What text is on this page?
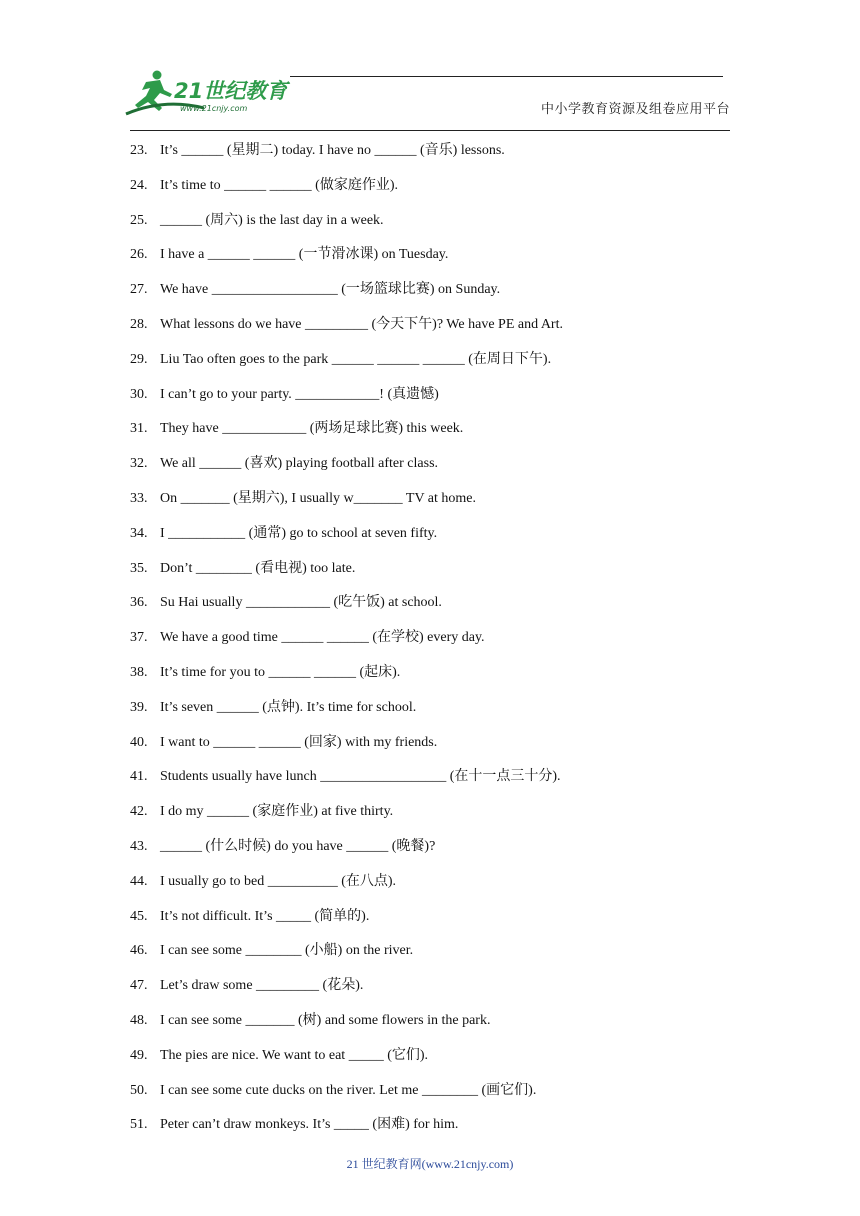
21世纪教育
www.21cnjy.com	中小学教育资源及组卷应用平台
23. It’s ______ (星期二) today. I have no ______ (音乐) lessons.
24. It’s time to ______ ______ (做家庭作业).
25. ______ (周六) is the last day in a week.
26. I have a ______ ______ (一节滑冰课) on Tuesday.
27. We have __________________ (一场篮球比赛) on Sunday.
28. What lessons do we have _________ (今天下午)? We have PE and Art.
29. Liu Tao often goes to the park ______ ______ ______ (在周日下午).
30. I can’t go to your party. ____________! (真遗憾)
31. They have ____________ (两场足球比赛) this week.
32. We all ______ (喜欢) playing football after class.
33. On _______ (星期六), I usually w_______ TV at home.
34. I ___________ (通常) go to school at seven fifty.
35. Don’t ________ (看电视) too late.
36. Su Hai usually ____________ (吃午饭) at school.
37. We have a good time ______ ______ (在学校) every day.
38. It’s time for you to ______ ______ (起床).
39. It’s seven ______ (点钟). It’s time for school.
40. I want to ______ ______ (回家) with my friends.
41. Students usually have lunch __________________ (在十一点三十分).
42. I do my ______ (家庭作业) at five thirty.
43. ______ (什么时候) do you have ______ (晚餐)?
44. I usually go to bed __________ (在八点).
45. It’s not difficult. It’s _____ (简单的).
46. I can see some ________ (小船) on the river.
47. Let’s draw some _________ (花朵).
48. I can see some _______ (树) and some flowers in the park.
49. The pies are nice. We want to eat _____ (它们).
50. I can see some cute ducks on the river. Let me ________ (画它们).
51. Peter can’t draw monkeys. It’s _____ (困难) for him.
21 世纪教育网(www.21cnjy.com)
